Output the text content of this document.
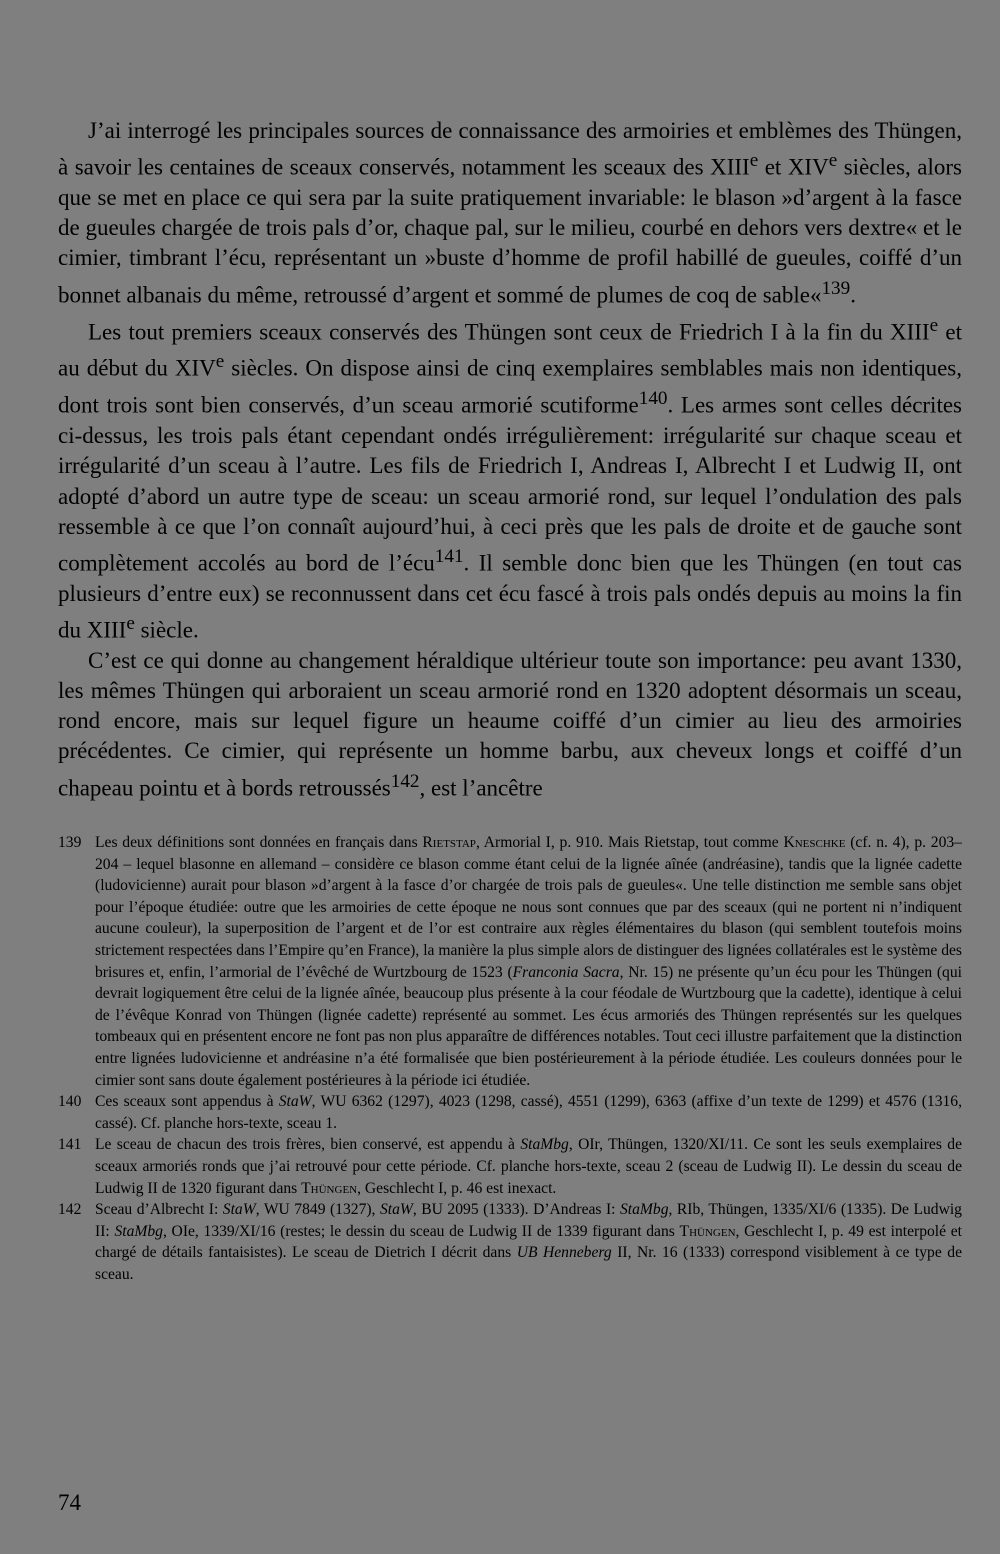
J’ai interrogé les principales sources de connaissance des armoiries et emblèmes des Thüngen, à savoir les centaines de sceaux conservés, notamment les sceaux des XIIIe et XIVe siècles, alors que se met en place ce qui sera par la suite pratiquement invariable: le blason »d’argent à la fasce de gueules chargée de trois pals d’or, chaque pal, sur le milieu, courbé en dehors vers dextre« et le cimier, timbrant l’écu, représentant un »buste d’homme de profil habillé de gueules, coiffé d’un bonnet albanais du même, retroussé d’argent et sommé de plumes de coq de sable«$^{139}$.

Les tout premiers sceaux conservés des Thüngen sont ceux de Friedrich I à la fin du XIIIe et au début du XIVe siècles. On dispose ainsi de cinq exemplaires semblables mais non identiques, dont trois sont bien conservés, d’un sceau armorié scutiforme$^{140}$. Les armes sont celles décrites ci-dessus, les trois pals étant cependant ondés irrégulièrement: irrégularité sur chaque sceau et irrégularité d’un sceau à l’autre. Les fils de Friedrich I, Andreas I, Albrecht I et Ludwig II, ont adopté d’abord un autre type de sceau: un sceau armorié rond, sur lequel l’ondulation des pals ressemble à ce que l’on connaît aujourd’hui, à ceci près que les pals de droite et de gauche sont complètement accolés au bord de l’écu$^{141}$. Il semble donc bien que les Thüngen (en tout cas plusieurs d’entre eux) se reconnussent dans cet écu fascé à trois pals ondés depuis au moins la fin du XIIIe siècle.

C’est ce qui donne au changement héraldique ultérieur toute son importance: peu avant 1330, les mêmes Thüngen qui arboraient un sceau armorié rond en 1320 adoptent désormais un sceau, rond encore, mais sur lequel figure un heaume coiffé d’un cimier au lieu des armoiries précédentes. Ce cimier, qui représente un homme barbu, aux cheveux longs et coiffé d’un chapeau pointu et à bords retroussés$^{142}$, est l’ancêtre

139 Les deux définitions sont données en français dans Rietstap, Armorial I, p. 910. Mais Rietstap, tout comme Kneschke (cf. n. 4), p. 203–204 – lequel blasonne en allemand – considère ce blason comme étant celui de la lignée aînée (andréasine), tandis que la lignée cadette (ludovicienne) aurait pour blason »d’argent à la fasce d’or chargée de trois pals de gueules«. Une telle distinction me semble sans objet pour l’époque étudiée: outre que les armoiries de cette époque ne nous sont connues que par des sceaux (qui ne portent ni n’indiquent aucune couleur), la superposition de l’argent et de l’or est contraire aux règles élémentaires du blason (qui semblent toutefois moins strictement respectées dans l’Empire qu’en France), la manière la plus simple alors de distinguer des lignées collatérales est le système des brisures et, enfin, l’armorial de l’évêché de Wurtzbourg de 1523 (Franconia Sacra, Nr. 15) ne présente qu’un écu pour les Thüngen (qui devrait logiquement être celui de la lignée aînée, beaucoup plus présente à la cour féodale de Wurtzbourg que la cadette), identique à celui de l’évêque Konrad von Thüngen (lignée cadette) représenté au sommet. Les écus armoriés des Thüngen représentés sur les quelques tombeaux qui en présentent encore ne font pas non plus apparaître de différences notables. Tout ceci illustre parfaitement que la distinction entre lignées ludovicienne et andréasine n’a été formalisée que bien postérieurement à la période étudiée. Les couleurs données pour le cimier sont sans doute également postérieures à la période ici étudiée.

140 Ces sceaux sont appendus à StaW, WU 6362 (1297), 4023 (1298, cassé), 4551 (1299), 6363 (affixe d’un texte de 1299) et 4576 (1316, cassé). Cf. planche hors-texte, sceau 1.

141 Le sceau de chacun des trois frères, bien conservé, est appendu à StaMbg, OIr, Thüngen, 1320/XI/11. Ce sont les seuls exemplaires de sceaux armoriés ronds que j’ai retrouvé pour cette période. Cf. planche hors-texte, sceau 2 (sceau de Ludwig II). Le dessin du sceau de Ludwig II de 1320 figurant dans Thüngen, Geschlecht I, p. 46 est inexact.

142 Sceau d’Albrecht I: StaW, WU 7849 (1327), StaW, BU 2095 (1333). D’Andreas I: StaMbg, RIb, Thüngen, 1335/XI/6 (1335). De Ludwig II: StaMbg, OIe, 1339/XI/16 (restes; le dessin du sceau de Ludwig II de 1339 figurant dans Thüngen, Geschlecht I, p. 49 est interpolé et chargé de détails fantaisistes). Le sceau de Dietrich I décrit dans UB Henneberg II, Nr. 16 (1333) correspond visiblement à ce type de sceau.

74
